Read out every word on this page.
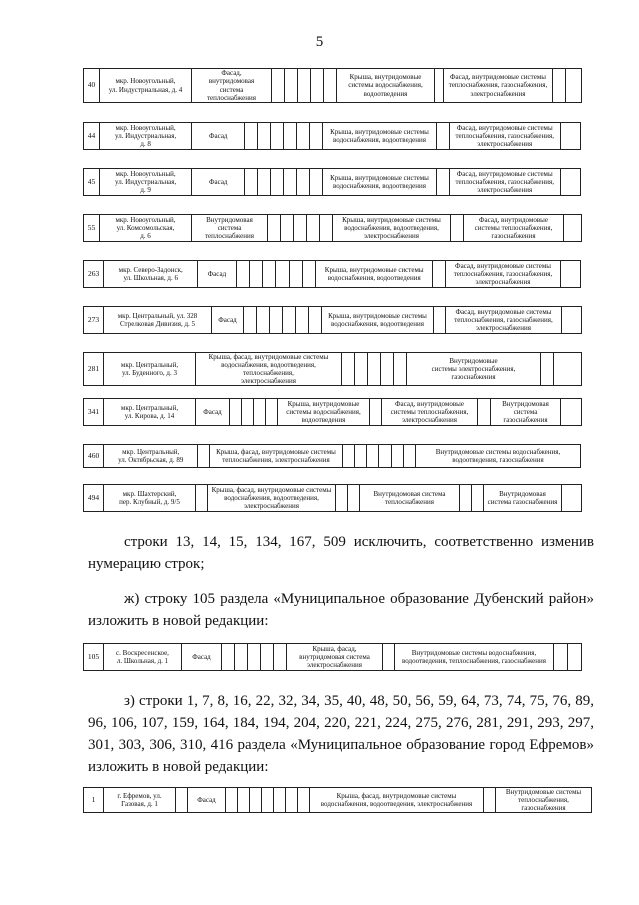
5
40	мкр. Новоугольный,
ул. Индустриальная, д. 4	Фасад,
внутридомовая
система
теплоснабжения						Крыша, внутридомовые
системы водоснабжения,
водоотведения		Фасад, внутридомовые системы
теплоснабжения, газоснабжения,
электроснабжения		
44	мкр. Новоугольный,
ул. Индустриальная,
д. 8	Фасад							Крыша, внутридомовые системы
водоснабжения, водоотведения		Фасад, внутридомовые системы
теплоснабжения, газоснабжения,
электроснабжения	
45	мкр. Новоугольный,
ул. Индустриальная,
д. 9	Фасад							Крыша, внутридомовые системы
водоснабжения, водоотведения		Фасад, внутридомовые системы
теплоснабжения, газоснабжения,
электроснабжения	
55	мкр. Новоугольный,
ул. Комсомольская,
д. 6	Внутридомовая
система
теплоснабжения						Крыша, внутридомовые системы
водоснабжения, водоотведения,
электроснабжения		Фасад, внутридомовые
системы теплоснабжения,
газоснабжения	
263	мкр. Северо-Задонск,
ул. Школьная, д. 6	Фасад							Крыша, внутридомовые системы
водоснабжения, водоотведения		Фасад, внутридомовые системы
теплоснабжения, газоснабжения,
электроснабжения	
273	мкр. Центральный, ул. 328
Стрелковая Дивизия, д. 5	Фасад							Крыша, внутридомовые системы
водоснабжения, водоотведения		Фасад, внутридомовые системы
теплоснабжения, газоснабжения,
электроснабжения	
281	мкр. Центральный,
ул. Буденного, д. 3	Крыша, фасад, внутридомовые системы
водоснабжения, водоотведения, теплоснабжения,
электроснабжения						Внутридомовые
системы электроснабжения, газоснабжения		
341	мкр. Центральный,
ул. Кирова, д. 14	Фасад					Крыша, внутридомовые
системы водоснабжения,
водоотведения		Фасад, внутридомовые
системы теплоснабжения,
электроснабжения		Внутридомовая
система
газоснабжения	
460	мкр. Центральный,
ул. Октябрьская, д. 89		Крыша, фасад, внутридомовые системы
теплоснабжения, электроснабжения							Внутридомовые системы водоснабжения,
водоотведения, газоснабжения
494	мкр. Шахтерский,
пер. Клубный, д. 9/5		Крыша, фасад, внутридомовые системы
водоснабжения, водоотведения,
электроснабжения			Внутридомовая система
теплоснабжения			Внутридомовая
система газоснабжения	
строки 13, 14, 15, 134, 167, 509 исключить, соответственно изменив нумерацию строк;
ж) строку 105 раздела «Муниципальное образование Дубенский район» изложить в новой редакции:
105	с. Воскресенское,
л. Школьная, д. 1	Фасад						Крыша, фасад,
внутридомовая система
электроснабжения		Внутридомовые системы водоснабжения,
водоотведения, теплоснабжения, газоснабжения		
з) строки 1, 7, 8, 16, 22, 32, 34, 35, 40, 48, 50, 56, 59, 64, 73, 74, 75, 76, 89, 96, 106, 107, 159, 164, 184, 194, 204, 220, 221, 224, 275, 276, 281, 291, 293, 297, 301, 303, 306, 310, 416 раздела «Муниципальное образование город Ефремов» изложить в новой редакции:
1	г. Ефремов, ул.
Газовая, д. 1		Фасад								Крыша, фасад, внутридомовые системы
водоснабжения, водоотведения, электроснабжения		Внутридомовые системы
теплоснабжения, газоснабжения
